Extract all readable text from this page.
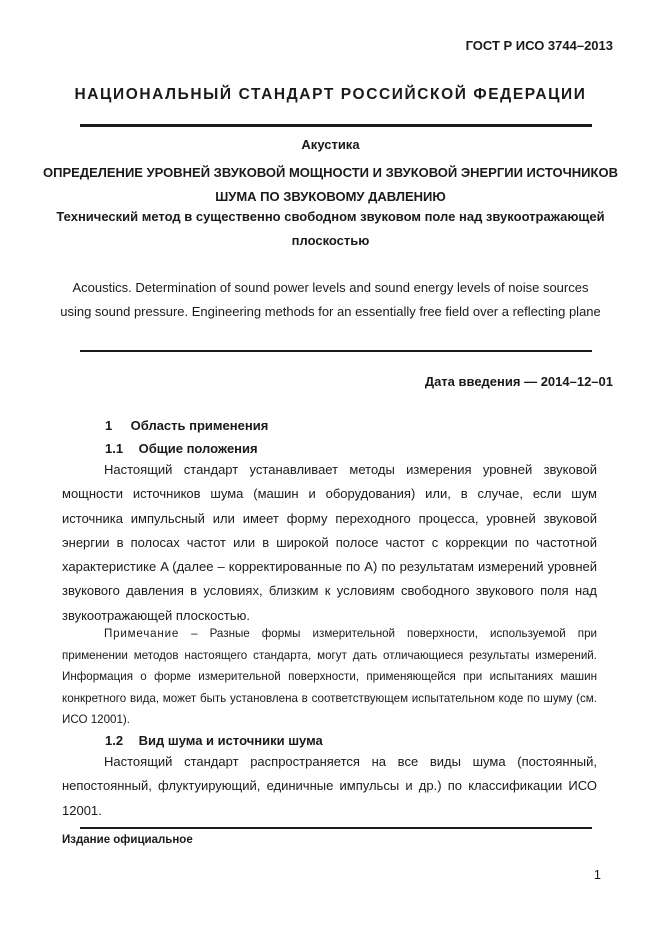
ГОСТ Р ИСО 3744–2013
НАЦИОНАЛЬНЫЙ СТАНДАРТ РОССИЙСКОЙ ФЕДЕРАЦИИ
Акустика
ОПРЕДЕЛЕНИЕ УРОВНЕЙ ЗВУКОВОЙ МОЩНОСТИ И ЗВУКОВОЙ ЭНЕРГИИ ИСТОЧНИКОВ ШУМА ПО ЗВУКОВОМУ ДАВЛЕНИЮ
Технический метод в существенно свободном звуковом поле над звукоотражающей плоскостью
Acoustics. Determination of sound power levels and sound energy levels of noise sources using sound pressure. Engineering methods for an essentially free field over a reflecting plane
Дата введения — 2014–12–01
1 Область применения
1.1 Общие положения
Настоящий стандарт устанавливает методы измерения уровней звуковой мощности источников шума (машин и оборудования) или, в случае, если шум источника импульсный или имеет форму переходного процесса, уровней звуковой энергии в полосах частот или в широкой полосе частот с коррекции по частотной характеристике A (далее – корректированные по A) по результатам измерений уровней звукового давления в условиях, близким к условиям свободного звукового поля над звукоотражающей плоскостью.
Примечание – Разные формы измерительной поверхности, используемой при применении методов настоящего стандарта, могут дать отличающиеся результаты измерений. Информация о форме измерительной поверхности, применяющейся при испытаниях машин конкретного вида, может быть установлена в соответствующем испытательном коде по шуму (см. ИСО 12001).
1.2 Вид шума и источники шума
Настоящий стандарт распространяется на все виды шума (постоянный, непостоянный, флуктуирующий, единичные импульсы и др.) по классификации ИСО 12001.
Издание официальное
1
